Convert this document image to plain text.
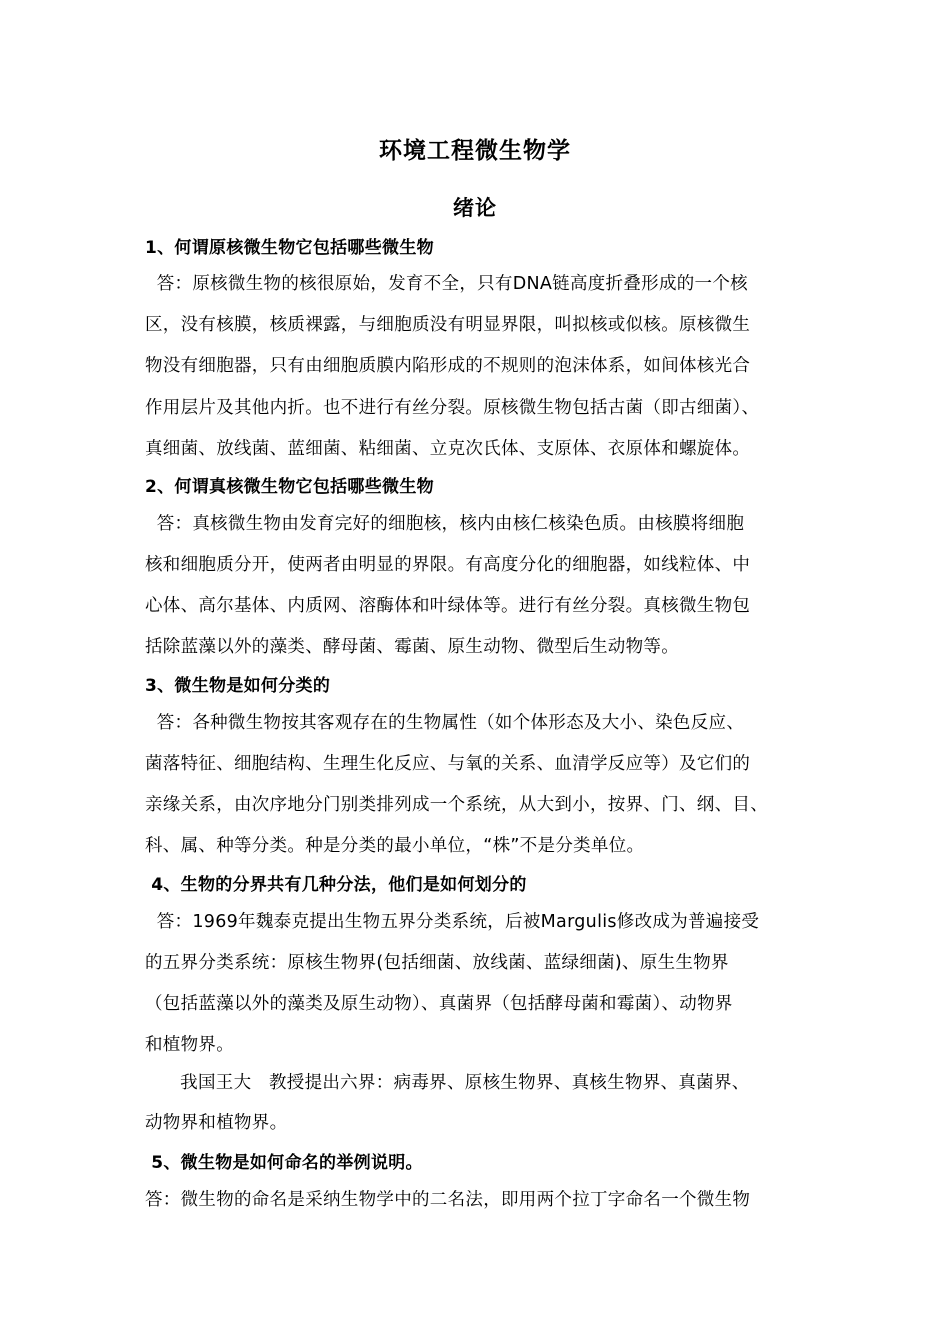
环境工程微生物学
绪论
1、何谓原核微生物它包括哪些微生物
答：原核微生物的核很原始，发育不全，只有DNA链高度折叠形成的一个核
区，没有核膜，核质裸露，与细胞质没有明显界限，叫拟核或似核。原核微生
物没有细胞器，只有由细胞质膜内陷形成的不规则的泡沫体系，如间体核光合
作用层片及其他内折。也不进行有丝分裂。原核微生物包括古菌（即古细菌）、
真细菌、放线菌、蓝细菌、粘细菌、立克次氏体、支原体、衣原体和螺旋体。
2、何谓真核微生物它包括哪些微生物
答：真核微生物由发育完好的细胞核，核内由核仁核染色质。由核膜将细胞
核和细胞质分开，使两者由明显的界限。有高度分化的细胞器，如线粒体、中
心体、高尔基体、内质网、溶酶体和叶绿体等。进行有丝分裂。真核微生物包
括除蓝藻以外的藻类、酵母菌、霉菌、原生动物、微型后生动物等。
3、微生物是如何分类的
答：各种微生物按其客观存在的生物属性（如个体形态及大小、染色反应、
菌落特征、细胞结构、生理生化反应、与氧的关系、血清学反应等）及它们的
亲缘关系，由次序地分门别类排列成一个系统，从大到小，按界、门、纲、目、
科、属、种等分类。种是分类的最小单位，“株”不是分类单位。
4、生物的分界共有几种分法，他们是如何划分的
答：1969年魏泰克提出生物五界分类系统，后被Margulis修改成为普遍接受
的五界分类系统：原核生物界(包括细菌、放线菌、蓝绿细菌)、原生生物界
（包括蓝藻以外的藻类及原生动物）、真菌界（包括酵母菌和霉菌）、动物界
和植物界。
我国王大   教授提出六界：病毒界、原核生物界、真核生物界、真菌界、
动物界和植物界。
5、微生物是如何命名的举例说明。
答：微生物的命名是采纳生物学中的二名法，即用两个拉丁字命名一个微生物
